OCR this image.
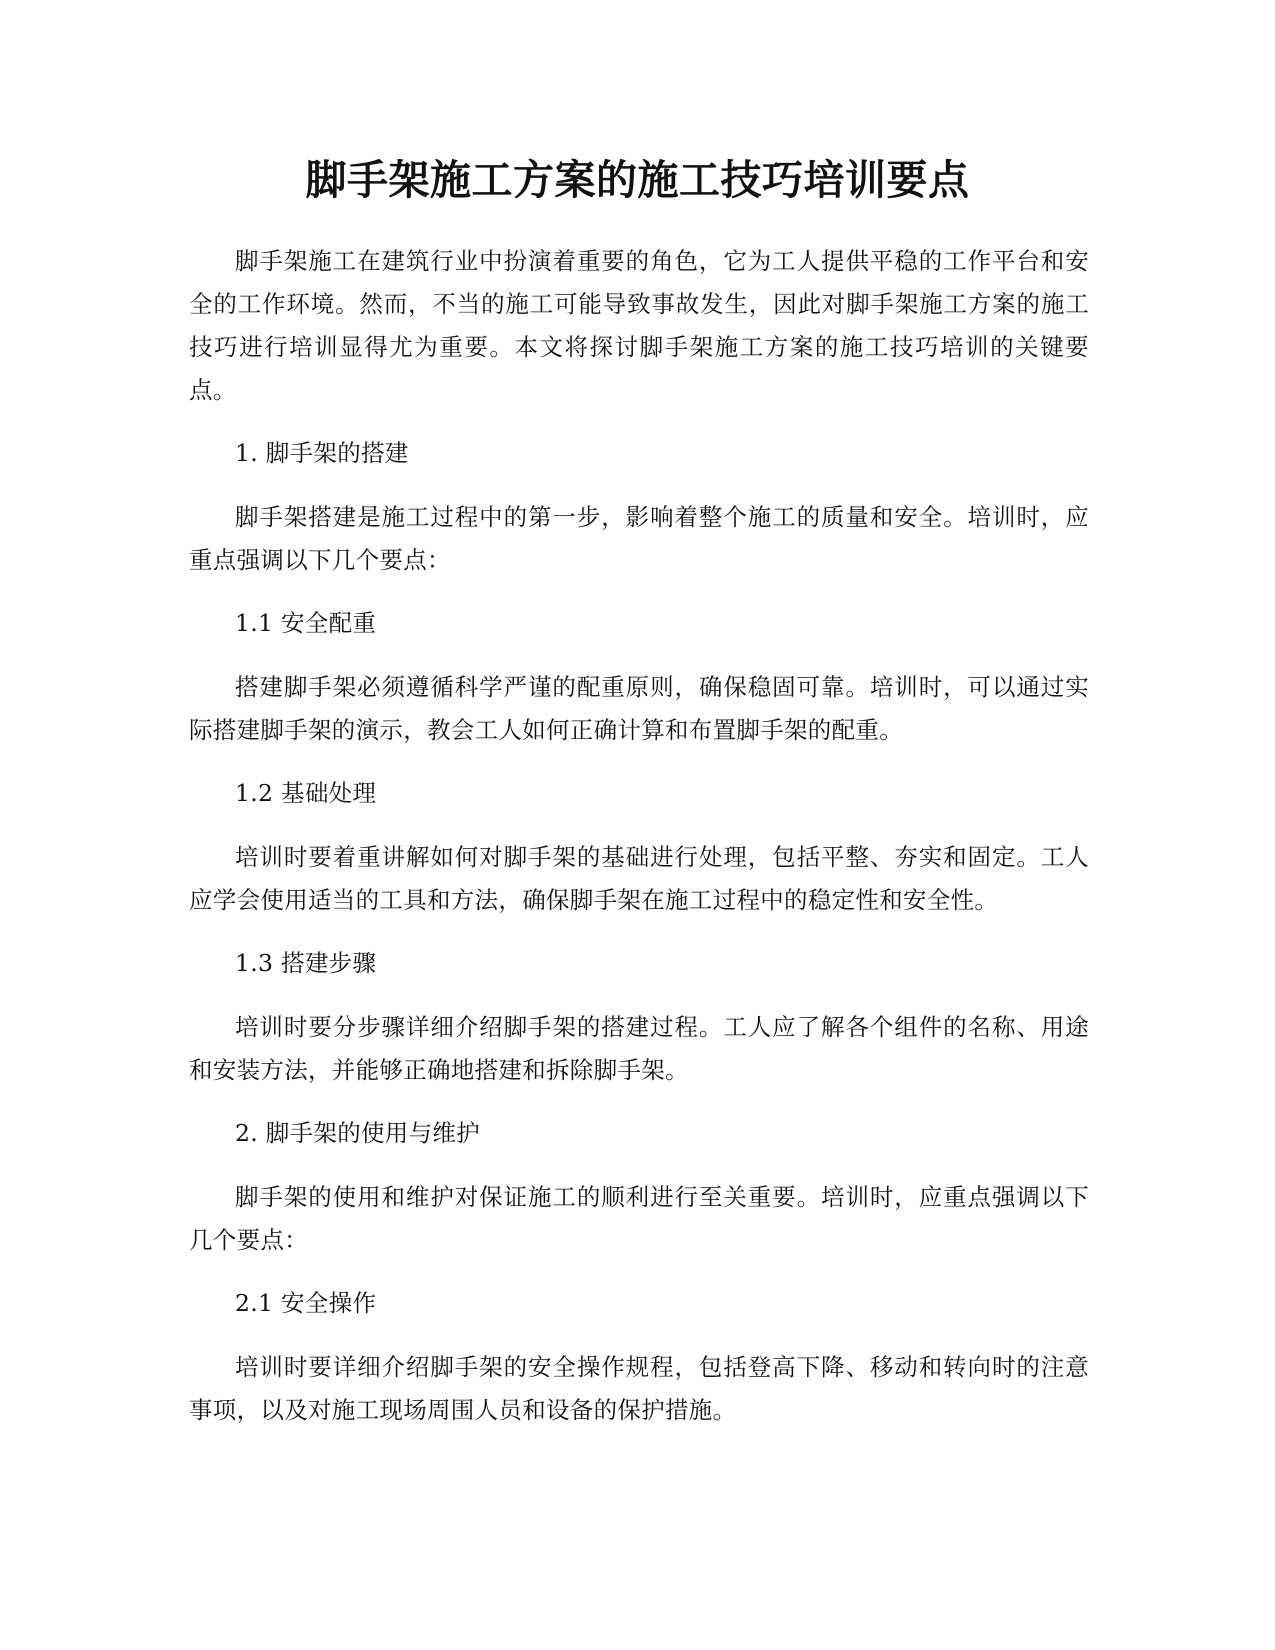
脚手架施工方案的施工技巧培训要点

脚手架施工在建筑行业中扮演着重要的角色，它为工人提供平稳的工作平台和安全的工作环境。然而，不当的施工可能导致事故发生，因此对脚手架施工方案的施工技巧进行培训显得尤为重要。本文将探讨脚手架施工方案的施工技巧培训的关键要点。

1. 脚手架的搭建

脚手架搭建是施工过程中的第一步，影响着整个施工的质量和安全。培训时，应重点强调以下几个要点：

1.1 安全配重

搭建脚手架必须遵循科学严谨的配重原则，确保稳固可靠。培训时，可以通过实际搭建脚手架的演示，教会工人如何正确计算和布置脚手架的配重。

1.2 基础处理

培训时要着重讲解如何对脚手架的基础进行处理，包括平整、夯实和固定。工人应学会使用适当的工具和方法，确保脚手架在施工过程中的稳定性和安全性。

1.3 搭建步骤

培训时要分步骤详细介绍脚手架的搭建过程。工人应了解各个组件的名称、用途和安装方法，并能够正确地搭建和拆除脚手架。

2. 脚手架的使用与维护

脚手架的使用和维护对保证施工的顺利进行至关重要。培训时，应重点强调以下几个要点：

2.1 安全操作

培训时要详细介绍脚手架的安全操作规程，包括登高下降、移动和转向时的注意事项，以及对施工现场周围人员和设备的保护措施。
